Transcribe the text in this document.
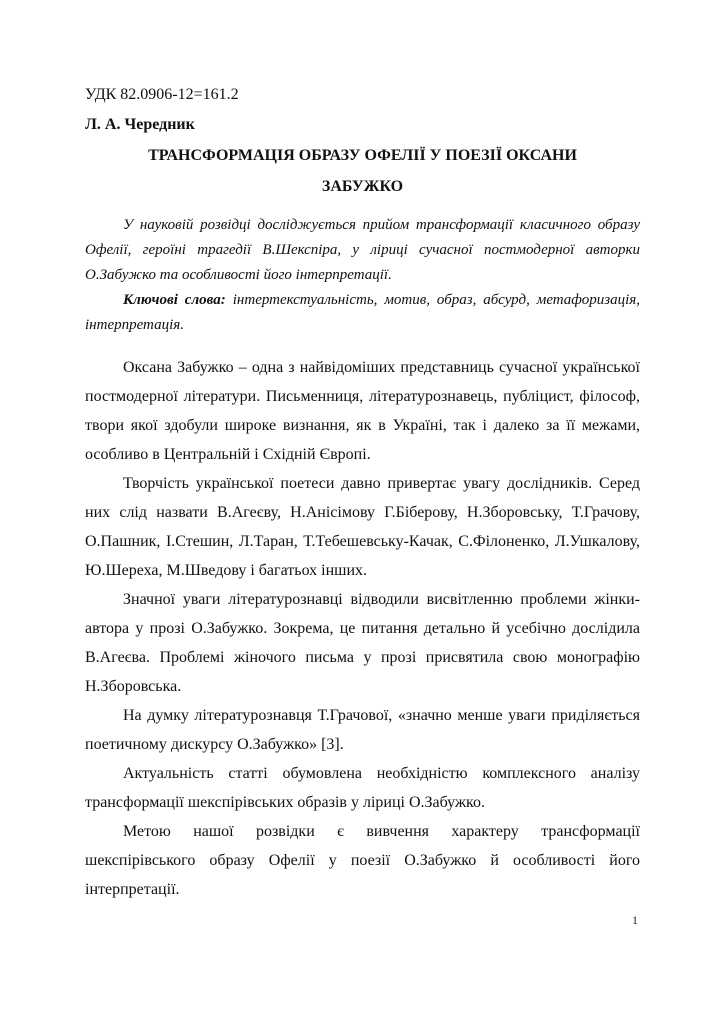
УДК 82.0906-12=161.2
Л. А. Чередник
ТРАНСФОРМАЦІЯ ОБРАЗУ ОФЕЛІЇ У ПОЕЗІЇ ОКСАНИ
ЗАБУЖКО

У науковій розвідці досліджується прийом трансформації класичного образу Офелії, героїні трагедії В.Шекспіра, у ліриці сучасної постмодерної авторки О.Забужко та особливості його інтерпретації.

Ключові слова: інтертекстуальність, мотив, образ, абсурд, метафоризація, інтерпретація.

Оксана Забужко – одна з найвідоміших представниць сучасної української постмодерної літератури. Письменниця, літературознавець, публіцист, філософ, твори якої здобули широке визнання, як в Україні, так і далеко за її межами, особливо в Центральній і Східній Європі.

Творчість української поетеси давно привертає увагу дослідників. Серед них слід назвати В.Агеєву, Н.Анісімову Г.Біберову, Н.Зборовську, Т.Грачову, О.Пашник, І.Стешин, Л.Таран, Т.Тебешевську-Качак, С.Філоненко, Л.Ушкалову, Ю.Шереха, М.Шведову і багатьох інших.

Значної уваги літературознавці відводили висвітленню проблеми жінки-автора у прозі О.Забужко. Зокрема, це питання детально й усебічно дослідила В.Агеєва. Проблемі жіночого письма у прозі присвятила свою монографію Н.Зборовська.

На думку літературознавця Т.Грачової, «значно менше уваги приділяється поетичному дискурсу О.Забужко» [3].

Актуальність статті обумовлена необхідністю комплексного аналізу трансформації шекспірівських образів у ліриці О.Забужко.

Метою нашої розвідки є вивчення характеру трансформації шекспірівського образу Офелії у поезії О.Забужко й особливості його інтерпретації.

1
